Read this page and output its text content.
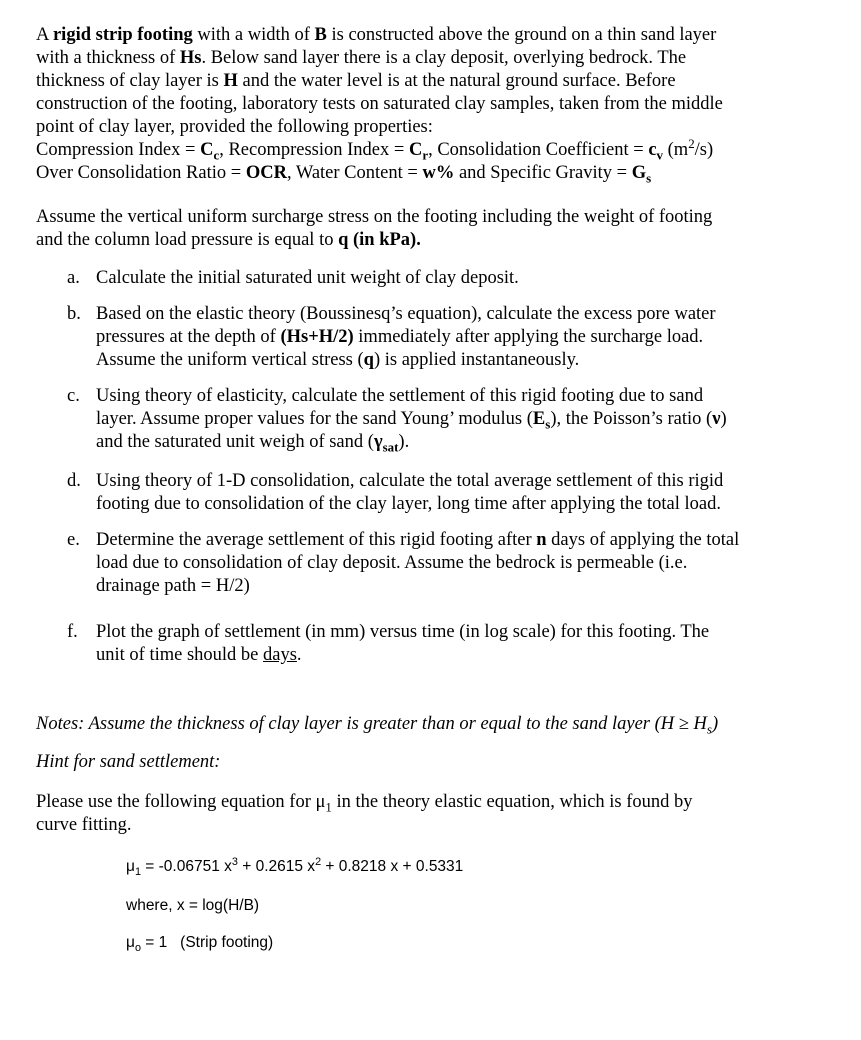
A rigid strip footing with a width of B is constructed above the ground on a thin sand layer
with a thickness of Hs. Below sand layer there is a clay deposit, overlying bedrock. The
thickness of clay layer is H and the water level is at the natural ground surface. Before
construction of the footing, laboratory tests on saturated clay samples, taken from the middle
point of clay layer, provided the following properties:
Compression Index = $C_c$, Recompression Index = $C_r$, Consolidation Coefficient = $c_v$ $(m^2/s)$
Over Consolidation Ratio = OCR, Water Content = w% and Specific Gravity = $G_s$
Assume the vertical uniform surcharge stress on the footing including the weight of footing
and the column load pressure is equal to q (in kPa).
a. Calculate the initial saturated unit weight of clay deposit.
b. Based on the elastic theory (Boussinesq’s equation), calculate the excess pore water
pressures at the depth of (Hs+H/2) immediately after applying the surcharge load.
Assume the uniform vertical stress (q) is applied instantaneously.
c. Using theory of elasticity, calculate the settlement of this rigid footing due to sand
layer. Assume proper values for the sand Young’ modulus $(E_s)$, the Poisson’s ratio (ν)
and the saturated unit weigh of sand $(\gamma_{sat})$.
d. Using theory of 1-D consolidation, calculate the total average settlement of this rigid
footing due to consolidation of the clay layer, long time after applying the total load.
e. Determine the average settlement of this rigid footing after n days of applying the total
load due to consolidation of clay deposit. Assume the bedrock is permeable (i.e.
drainage path = H/2)
f. Plot the graph of settlement (in mm) versus time (in log scale) for this footing. The
unit of time should be days.
Notes: Assume the thickness of clay layer is greater than or equal to the sand layer $(H \ge H_s)$
Hint for sand settlement:
Please use the following equation for $\mu_1$ in the theory elastic equation, which is found by
curve fitting.
$\mu_1 = -0.06751$ $x^3 + 0.2615$ $x^2 + 0.8218$ x + 0.5331
where, x = log(H/B)
$\mu_o = 1$   (Strip footing)
